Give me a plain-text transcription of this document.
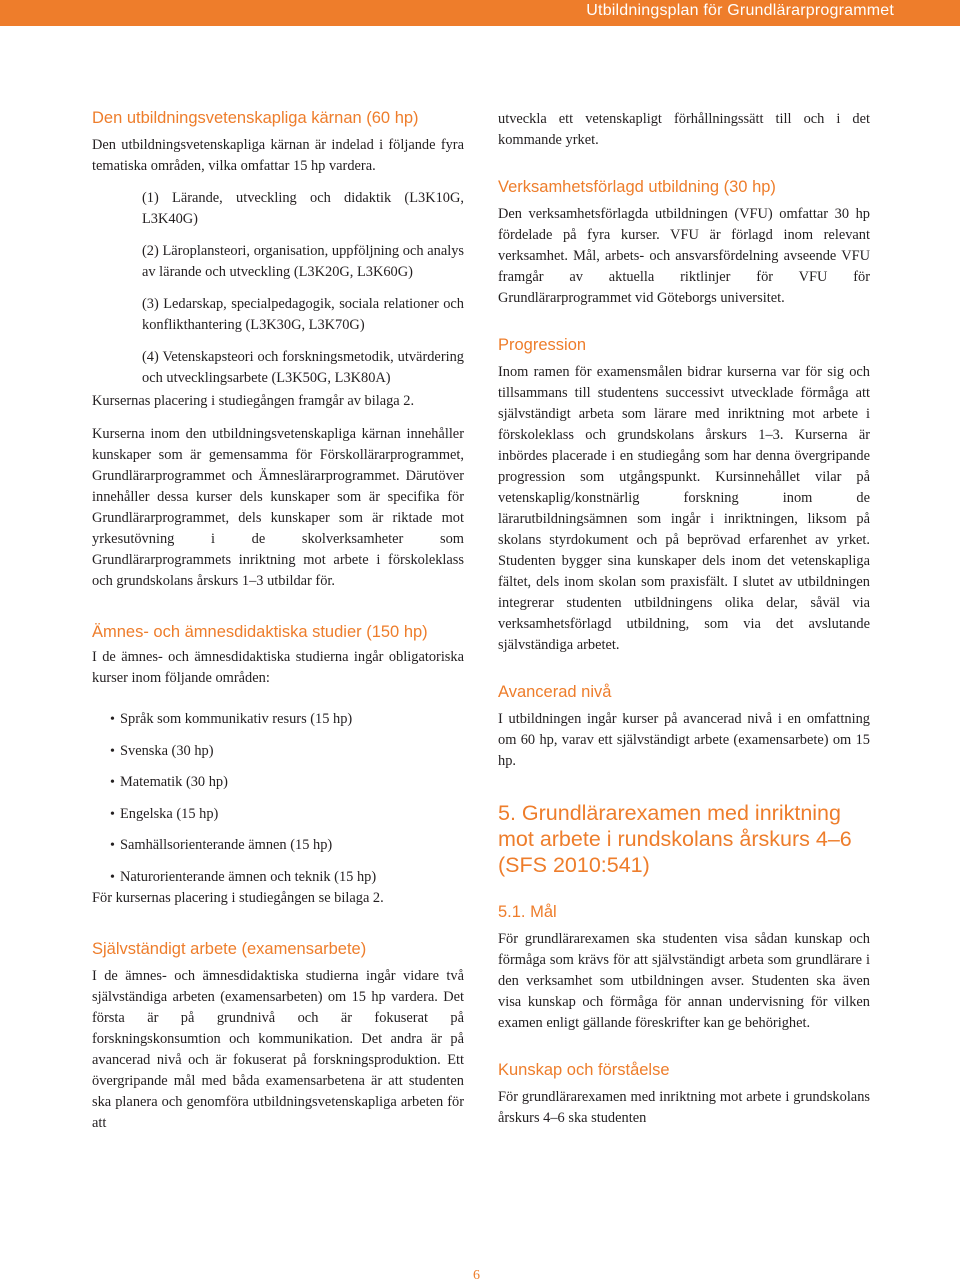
Utbildningsplan för Grundlärarprogrammet
Den utbildningsvetenskapliga kärnan (60 hp)

Den utbildningsvetenskapliga kärnan är indelad i följande fyra tematiska områden, vilka omfattar 15 hp vardera.

(1) Lärande, utveckling och didaktik (L3K10G, L3K40G)
(2) Läroplansteori, organisation, uppföljning och analys av lärande och utveckling (L3K20G, L3K60G)
(3) Ledarskap, specialpedagogik, sociala relationer och konflikthantering (L3K30G, L3K70G)
(4) Vetenskapsteori och forskningsmetodik, utvärdering och utvecklingsarbete (L3K50G, L3K80A)

Kursernas placering i studiegången framgår av bilaga 2.

Kurserna inom den utbildningsvetenskapliga kärnan innehåller kunskaper som är gemensamma för Förskollärarprogrammet, Grundlärarprogrammet och Ämneslärarprogrammet. Därutöver innehåller dessa kurser dels kunskaper som är specifika för Grundlärarprogrammet, dels kunskaper som är riktade mot yrkesutövning i de skolverksamheter som Grundlärarprogrammets inriktning mot arbete i förskoleklass och grundskolans årskurs 1–3 utbildar för.

Ämnes- och ämnesdidaktiska studier (150 hp)

I de ämnes- och ämnesdidaktiska studierna ingår obligatoriska kurser inom följande områden:

• Språk som kommunikativ resurs (15 hp)
• Svenska (30 hp)
• Matematik (30 hp)
• Engelska (15 hp)
• Samhällsorienterande ämnen (15 hp)
• Naturorienterande ämnen och teknik (15 hp)

För kursernas placering i studiegången se bilaga 2.

Självständigt arbete (examensarbete)

I de ämnes- och ämnesdidaktiska studierna ingår vidare två självständiga arbeten (examensarbeten) om 15 hp vardera. Det första är på grundnivå och är fokuserat på forskningskonsumtion och kommunikation. Det andra är på avancerad nivå och är fokuserat på forskningsproduktion. Ett övergripande mål med båda examensarbetena är att studenten ska planera och genomföra utbildningsvetenskapliga arbeten för att

utveckla ett vetenskapligt förhållningssätt till och i det kommande yrket.

Verksamhetsförlagd utbildning (30 hp)

Den verksamhetsförlagda utbildningen (VFU) omfattar 30 hp fördelade på fyra kurser. VFU är förlagd inom relevant verksamhet. Mål, arbets- och ansvarsfördelning avseende VFU framgår av aktuella riktlinjer för VFU för Grundlärarprogrammet vid Göteborgs universitet.

Progression

Inom ramen för examensmålen bidrar kurserna var för sig och tillsammans till studentens successivt utvecklade förmåga att självständigt arbeta som lärare med inriktning mot arbete i förskoleklass och grundskolans årskurs 1–3. Kurserna är inbördes placerade i en studiegång som har denna övergripande progression som utgångspunkt. Kursinnehållet vilar på vetenskaplig/konstnärlig forskning inom de lärarutbildningsämnen som ingår i inriktningen, liksom på skolans styrdokument och på beprövad erfarenhet av yrket. Studenten bygger sina kunskaper dels inom det vetenskapliga fältet, dels inom skolan som praxisfält. I slutet av utbildningen integrerar studenten utbildningens olika delar, såväl via verksamhetsförlagd utbildning, som via det avslutande självständiga arbetet.

Avancerad nivå

I utbildningen ingår kurser på avancerad nivå i en omfattning om 60 hp, varav ett självständigt arbete (examensarbete) om 15 hp.

5. Grundlärarexamen med inriktning mot arbete i rundskolans årskurs 4–6 (SFS 2010:541)
5.1. Mål

För grundlärarexamen ska studenten visa sådan kunskap och förmåga som krävs för att självständigt arbeta som grundlärare i den verksamhet som utbildningen avser. Studenten ska även visa kunskap och förmåga för annan undervisning för vilken examen enligt gällande föreskrifter kan ge behörighet.

Kunskap och förståelse

För grundlärarexamen med inriktning mot arbete i grundskolans årskurs 4–6 ska studenten

6
